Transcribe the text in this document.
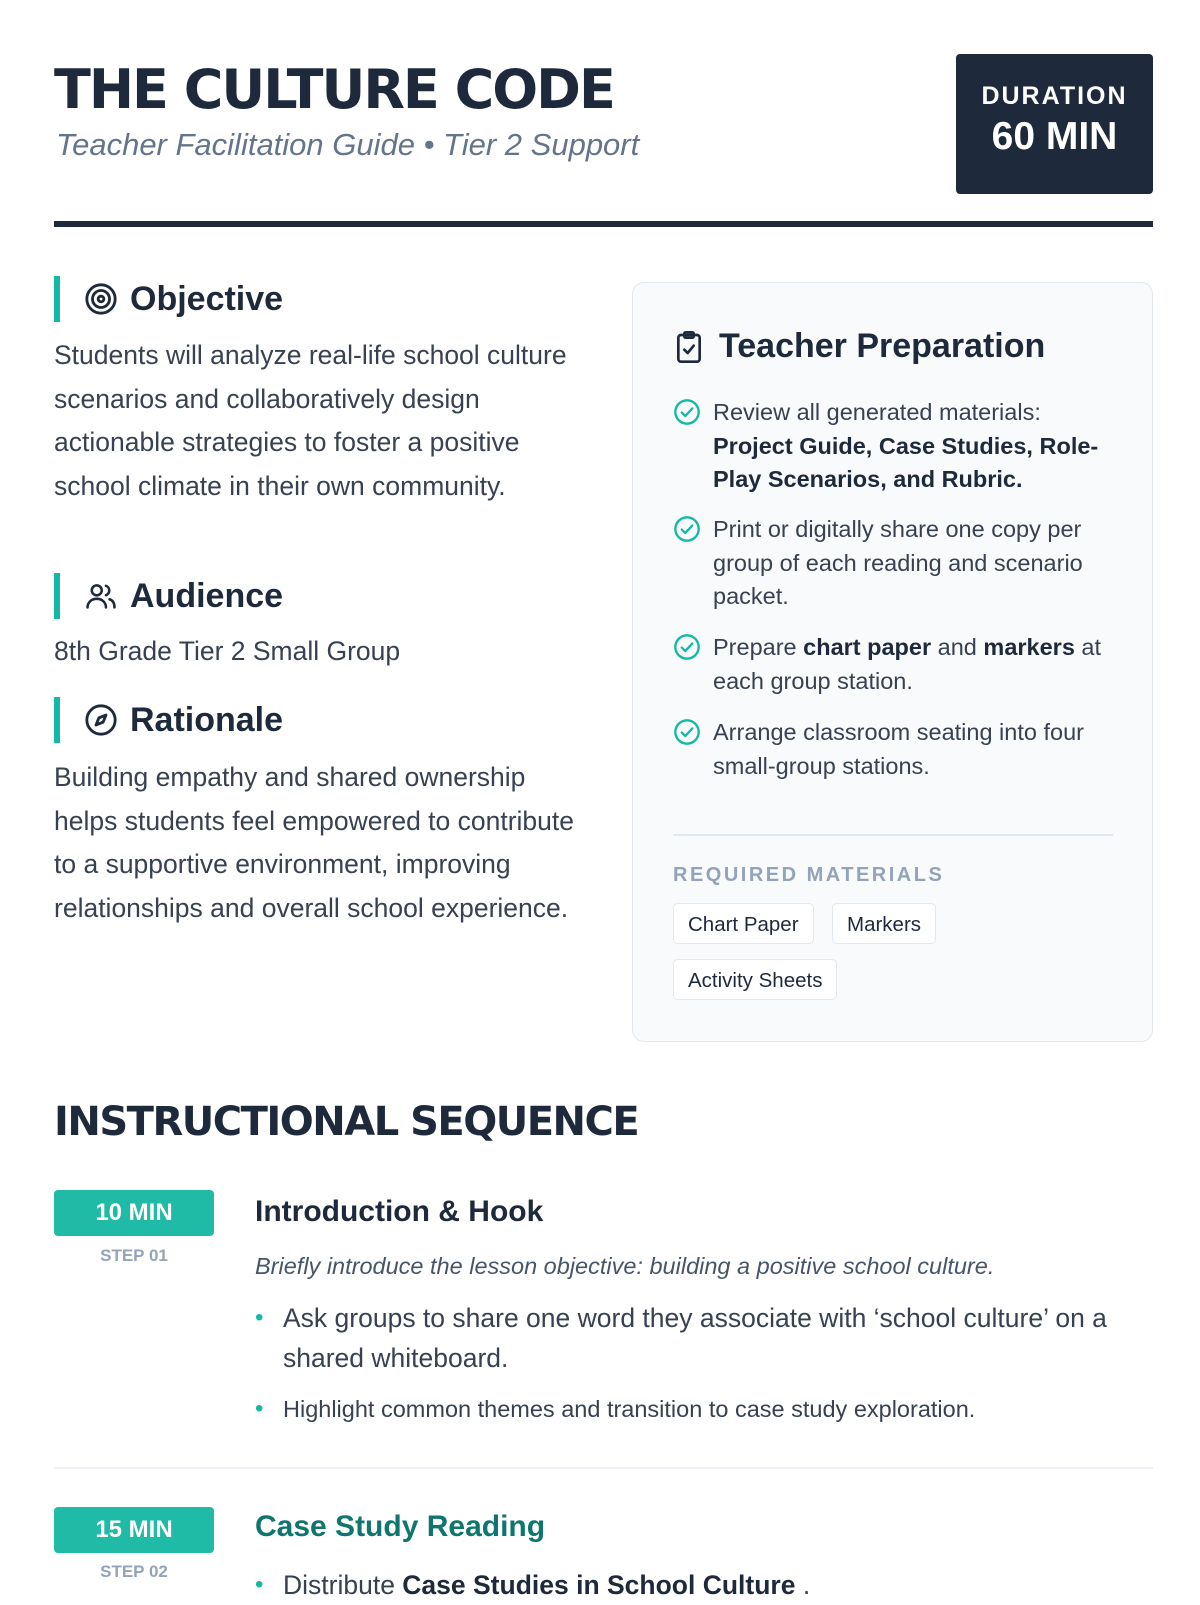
THE CULTURE CODE
Teacher Facilitation Guide • Tier 2 Support
DURATION
60 MIN
Objective
Students will analyze real-life school culture scenarios and collaboratively design actionable strategies to foster a positive school climate in their own community.
Audience
8th Grade Tier 2 Small Group
Rationale
Building empathy and shared ownership helps students feel empowered to contribute to a supportive environment, improving relationships and overall school experience.
Teacher Preparation
Review all generated materials: Project Guide, Case Studies, Role-Play Scenarios, and Rubric.
Print or digitally share one copy per group of each reading and scenario packet.
Prepare chart paper and markers at each group station.
Arrange classroom seating into four small-group stations.
REQUIRED MATERIALS
Chart Paper	Markers
Activity Sheets
INSTRUCTIONAL SEQUENCE
10 MIN
STEP 01
Introduction & Hook
Briefly introduce the lesson objective: building a positive school culture.
• Ask groups to share one word they associate with ‘school culture’ on a shared whiteboard.
• Highlight common themes and transition to case study exploration.
15 MIN
STEP 02
Case Study Reading
• Distribute Case Studies in School Culture .
